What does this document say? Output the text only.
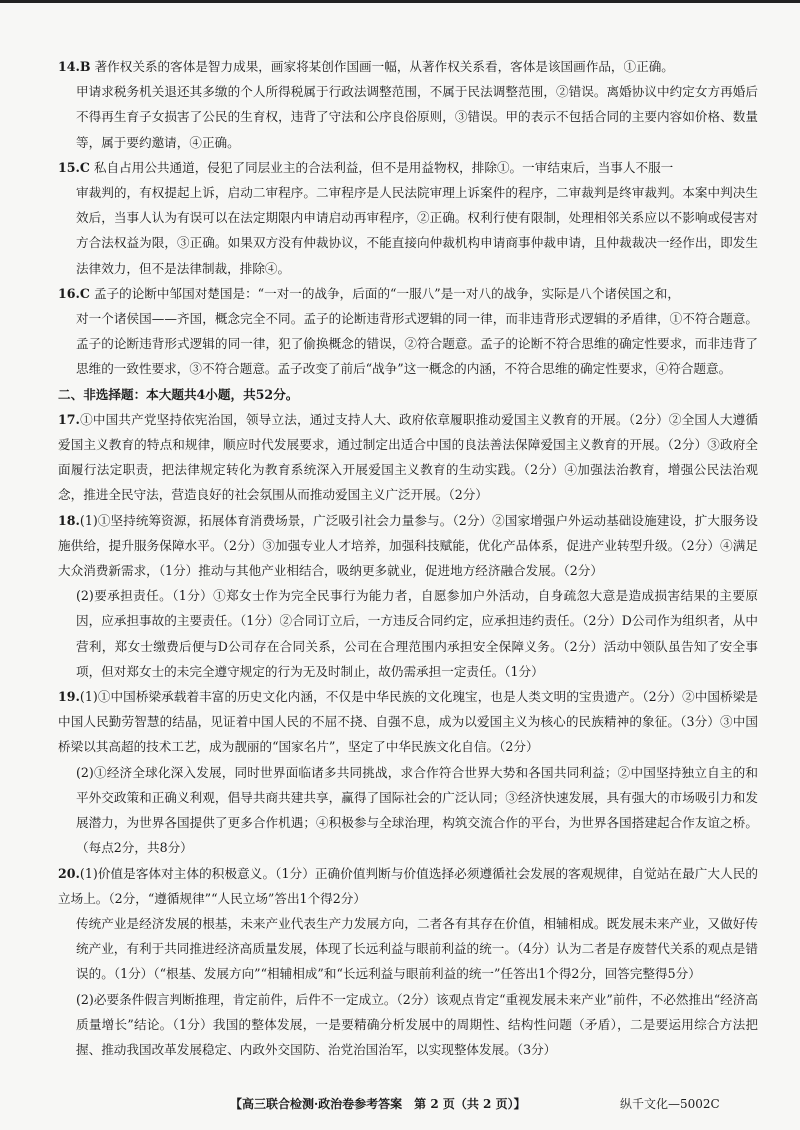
14.B 著作权关系的客体是智力成果，画家将某创作国画一幅，从著作权关系看，客体是该国画作品，①正确。
甲请求税务机关退还其多缴的个人所得税属于行政法调整范围，不属于民法调整范围，②错误。离婚协议中约定女方再婚后不得再生育子女损害了公民的生育权，违背了守法和公序良俗原则，③错误。甲的表示不包括合同的主要内容如价格、数量等，属于要约邀请，④正确。
15.C 私自占用公共通道，侵犯了同层业主的合法利益，但不是用益物权，排除①。一审结束后，当事人不服一
审裁判的，有权提起上诉，启动二审程序。二审程序是人民法院审理上诉案件的程序，二审裁判是终审裁判。本案中判决生效后，当事人认为有误可以在法定期限内申请启动再审程序，②正确。权利行使有限制，处理相邻关系应以不影响或侵害对方合法权益为限，③正确。如果双方没有仲裁协议，不能直接向仲裁机构申请商事仲裁申请，且仲裁裁决一经作出，即发生法律效力，但不是法律制裁，排除④。
16.C 孟子的论断中邹国对楚国是：“一对一的战争，后面的“一服八”是一对八的战争，实际是八个诸侯国之和，
对一个诸侯国——齐国，概念完全不同。孟子的论断违背形式逻辑的同一律，而非违背形式逻辑的矛盾律，①不符合题意。孟子的论断违背形式逻辑的同一律，犯了偷换概念的错误，②符合题意。孟子的论断不符合思维的确定性要求，而非违背了思维的一致性要求，③不符合题意。孟子改变了前后“战争”这一概念的内涵，不符合思维的确定性要求，④符合题意。
二、非选择题：本大题共4小题，共52分。
17.①中国共产党坚持依宪治国，领导立法，通过支持人大、政府依章履职推动爱国主义教育的开展。（2分）②全国人大遵循爱国主义教育的特点和规律，顺应时代发展要求，通过制定出适合中国的良法善法保障爱国主义教育的开展。（2分）③政府全面履行法定职责，把法律规定转化为教育系统深入开展爱国主义教育的生动实践。（2分）④加强法治教育，增强公民法治观念，推进全民守法，营造良好的社会氛围从而推动爱国主义广泛开展。（2分）
18.(1)①坚持统筹资源，拓展体育消费场景，广泛吸引社会力量参与。（2分）②国家增强户外运动基础设施建设，扩大服务设施供给，提升服务保障水平。（2分）③加强专业人才培养，加强科技赋能，优化产品体系，促进产业转型升级。（2分）④满足大众消费新需求，（1分）推动与其他产业相结合，吸纳更多就业，促进地方经济融合发展。（2分）
(2)要承担责任。（1分）①郑女士作为完全民事行为能力者，自愿参加户外活动，自身疏忽大意是造成损害结果的主要原因，应承担事故的主要责任。（1分）②合同订立后，一方违反合同约定，应承担违约责任。（2分）D公司作为组织者，从中营利，郑女士缴费后便与D公司存在合同关系，公司在合理范围内承担安全保障义务。（2分）活动中领队虽告知了安全事项，但对郑女士的未完全遵守规定的行为无及时制止，故仍需承担一定责任。（1分）
19.(1)①中国桥梁承载着丰富的历史文化内涵，不仅是中华民族的文化瑰宝，也是人类文明的宝贵遗产。（2分）②中国桥梁是中国人民勤劳智慧的结晶，见证着中国人民的不屈不挠、自强不息，成为以爱国主义为核心的民族精神的象征。（3分）③中国桥梁以其高超的技术工艺，成为靓丽的“国家名片”，坚定了中华民族文化自信。（2分）
(2)①经济全球化深入发展，同时世界面临诸多共同挑战，求合作符合世界大势和各国共同利益；②中国坚持独立自主的和平外交政策和正确义利观，倡导共商共建共享，赢得了国际社会的广泛认同；③经济快速发展，具有强大的市场吸引力和发展潜力，为世界各国提供了更多合作机遇；④积极参与全球治理，构筑交流合作的平台，为世界各国搭建起合作友谊之桥。（每点2分，共8分）
20.(1)价值是客体对主体的积极意义。（1分）正确价值判断与价值选择必须遵循社会发展的客观规律，自觉站在最广大人民的立场上。（2分，“遵循规律”“人民立场”答出1个得2分）
传统产业是经济发展的根基，未来产业代表生产力发展方向，二者各有其存在价值，相辅相成。既发展未来产业，又做好传统产业，有利于共同推进经济高质量发展，体现了长远利益与眼前利益的统一。（4分）认为二者是存废替代关系的观点是错误的。（1分）（“根基、发展方向”“相辅相成”和“长远利益与眼前利益的统一”任答出1个得2分，回答完整得5分）
(2)必要条件假言判断推理，肯定前件，后件不一定成立。（2分）该观点肯定“重视发展未来产业”前件，不必然推出“经济高质量增长”结论。（1分）我国的整体发展，一是要精确分析发展中的周期性、结构性问题（矛盾），二是要运用综合方法把握、推动我国改革发展稳定、内政外交国防、治党治国治军，以实现整体发展。（3分）
【高三联合检测·政治卷参考答案　第 2 页（共 2 页）】	纵千文化—5002C
